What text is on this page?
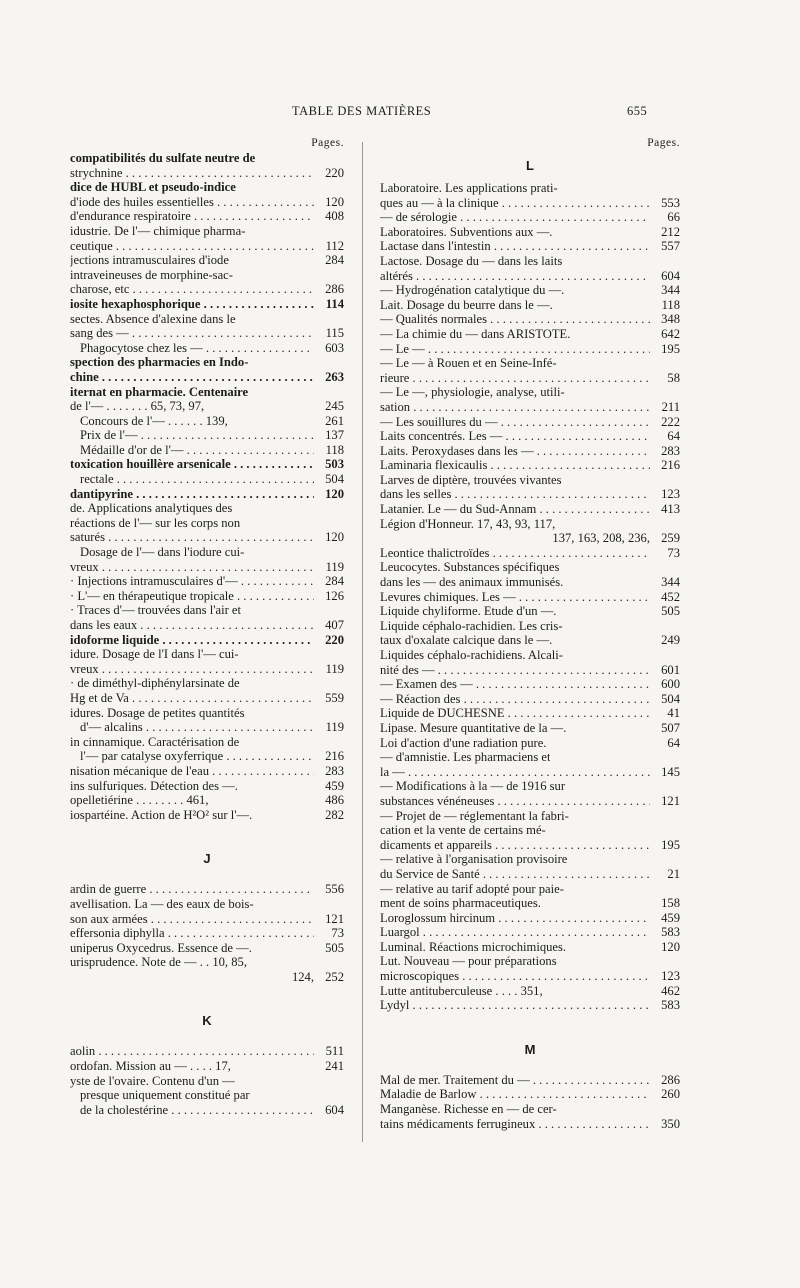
TABLE DES MATIÈRES	655
Pages.
compatibilités du sulfate neutre de
strychnine . . .	220
dice de HUBL et pseudo-indice
d'iode des huiles essentielles . . .	120
d'endurance respiratoire . . .	408
idustrie. De l'— chimique pharma-
ceutique . . .	112
jections intramusculaires d'iode	284
intraveineuses de morphine-sac-
charose, etc . . .	286
iosite hexaphosphorique . . .	114
sectes. Absence d'alexine dans le
sang des — . . .	115
Phagocytose chez les — . . .	603
spection des pharmacies en Indo-
chine . . .	263
iternat en pharmacie. Centenaire
de l'— . . . . . . . 65, 73, 97,	245
Concours de l'— . . . . . . 139,	261
Prix de l'— . . .	137
Médaille d'or de l'— . . .	118
toxication houillère arsenicale . . .	503
rectale . . .	504
dantipyrine . . .	120
de. Applications analytiques des
réactions de l'— sur les corps non
saturés . . .	120
Dosage de l'— dans l'iodure cui-
vreux . . .	119
· Injections intramusculaires d'— . . .	284
· L'— en thérapeutique tropicale . . .	126
· Traces d'— trouvées dans l'air et
dans les eaux . . .	407
idoforme liquide . . .	220
idure. Dosage de l'I dans l'— cui-
vreux . . .	119
· de diméthyl-diphénylarsinate de
Hg et de Va . . .	559
idures. Dosage de petites quantités
d'— alcalins . . .	119
in cinnamique. Caractérisation de
l'— par catalyse oxyferrique . . .	216
nisation mécanique de l'eau . . .	283
ins sulfuriques. Détection des —.	459
opelletiérine . . . . . . . . 461,	486
iospartéine. Action de H²O² sur l'—.	282
J
ardin de guerre . . .	556
avellisation. La — des eaux de bois-
son aux armées . . .	121
effersonia diphylla . . .	73
uniperus Oxycedrus. Essence de —.	505
urisprudence. Note de — . . 10, 85,
124, 252
K
aolin . . .	511
ordofan. Mission au — . . . . 17,	241
yste de l'ovaire. Contenu d'un —
presque uniquement constitué par
de la cholestérine . . .	604
Pages.
L
Laboratoire. Les applications prati-
ques au — à la clinique . . .	553
— de sérologie . . .	66
Laboratoires. Subventions aux —.	212
Lactase dans l'intestin . . .	557
Lactose. Dosage du — dans les laits
altérés . . .	604
— Hydrogénation catalytique du —.	344
Lait. Dosage du beurre dans le —.	118
— Qualités normales . . .	348
— La chimie du — dans ARISTOTE.	642
— Le — . . .	195
— Le — à Rouen et en Seine-Infé-
rieure . . .	58
— Le —, physiologie, analyse, utili-
sation . . .	211
— Les souillures du — . . .	222
Laits concentrés. Les — . . .	64
Laits. Peroxydases dans les — . . .	283
Laminaria flexicaulis . . .	216
Larves de diptère, trouvées vivantes
dans les selles . . .	123
Latanier. Le — du Sud-Annam . . .	413
Légion d'Honneur. 17, 43, 93, 117,
137, 163, 208, 236, 259
Leontice thalictroïdes . . .	73
Leucocytes. Substances spécifiques
dans les — des animaux immunisés.	344
Levures chimiques. Les — . . .	452
Liquide chyliforme. Etude d'un —.	505
Liquide céphalo-rachidien. Les cris-
taux d'oxalate calcique dans le —.	249
Liquides céphalo-rachidiens. Alcali-
nité des — . . .	601
— Examen des — . . .	600
— Réaction des . . .	504
Liquide de DUCHESNE . . .	41
Lipase. Mesure quantitative de la —.	507
Loi d'action d'une radiation pure.	64
— d'amnistie. Les pharmaciens et
la — . . .	145
— Modifications à la — de 1916 sur
substances vénéneuses . . .	121
— Projet de — réglementant la fabri-
cation et la vente de certains mé-
dicaments et appareils . . .	195
— relative à l'organisation provisoire
du Service de Santé . . .	21
— relative au tarif adopté pour paie-
ment de soins pharmaceutiques.	158
Loroglossum hircinum . . .	459
Luargol . . .	583
Luminal. Réactions microchimiques.	120
Lut. Nouveau — pour préparations
microscopiques . . .	123
Lutte antituberculeuse . . . . 351,	462
Lydyl . . .	583
M
Mal de mer. Traitement du — . . .	286
Maladie de Barlow . . .	260
Manganèse. Richesse en — de cer-
tains médicaments ferrugineux . . .	350
